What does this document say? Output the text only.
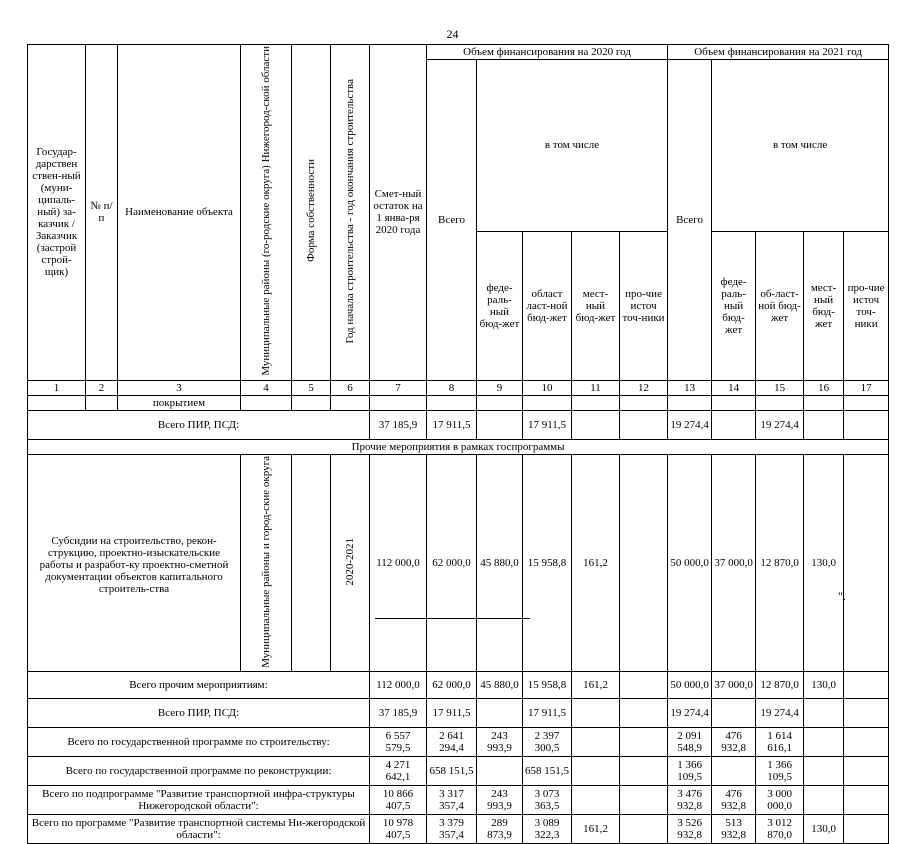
24
Государ-дарствен ствен-ный (муни-ципаль-ный) за-казчик / Заказчик (застрой строй-щик)	№ п/п	Наименование объекта	Муниципальные районы (го-родские округа) Нижегород-ской области	Форма собственности	Год начала строительства - год окончания строительства	Смет-ный остаток на 1 янва-ря 2020 года	Объем финансирования на 2020 год					Объем финансирования на 2021 год				
							Всего	в том числе				Всего	в том числе			
								феде-раль-ный бюд-жет	област ласт-ной бюд-жет	мест-ный бюд-жет	про-чие источ точ-ники		феде-раль-ный бюд-жет	об-ласт-ной бюд-жет	мест-ный бюд-жет	про-чие источ точ-ники
1	2	3	4	5	6	7	8	9	10	11	12	13	14	15	16	17
		покрытием														
Всего ПИР, ПСД:						37 185,9	17 911,5		17 911,5			19 274,4		19 274,4		
Прочие мероприятия в рамках госпрограммы																
Субсидии на строительство, рекон-струкцию, проектно-изыскательские работы и разработ-ку проектно-сметной документации объектов капитального строитель-ства			Муниципальные районы и город-ские округа		2020-2021	112 000,0	62 000,0	45 880,0	15 958,8	161,2		50 000,0	37 000,0	12 870,0	130,0	
Всего прочим мероприятиям:						112 000,0	62 000,0	45 880,0	15 958,8	161,2		50 000,0	37 000,0	12 870,0	130,0	
Всего ПИР, ПСД:						37 185,9	17 911,5		17 911,5			19 274,4		19 274,4		
Всего по государственной программе по строительству:						6 557 579,5	2 641 294,4	243 993,9	2 397 300,5			2 091 548,9	476 932,8	1 614 616,1		
Всего по государственной программе по реконструкции:						4 271 642,1	658 151,5		658 151,5			1 366 109,5		1 366 109,5		
Всего по подпрограмме "Развитие транспортной инфра-структуры Нижегородской области":						10 866 407,5	3 317 357,4	243 993,9	3 073 363,5			3 476 932,8	476 932,8	3 000 000,0		
Всего по программе "Развитие транспортной системы Ни-жегородской области":						10 978 407,5	3 379 357,4	289 873,9	3 089 322,3	161,2		3 526 932,8	513 932,8	3 012 870,0	130,0	
".
